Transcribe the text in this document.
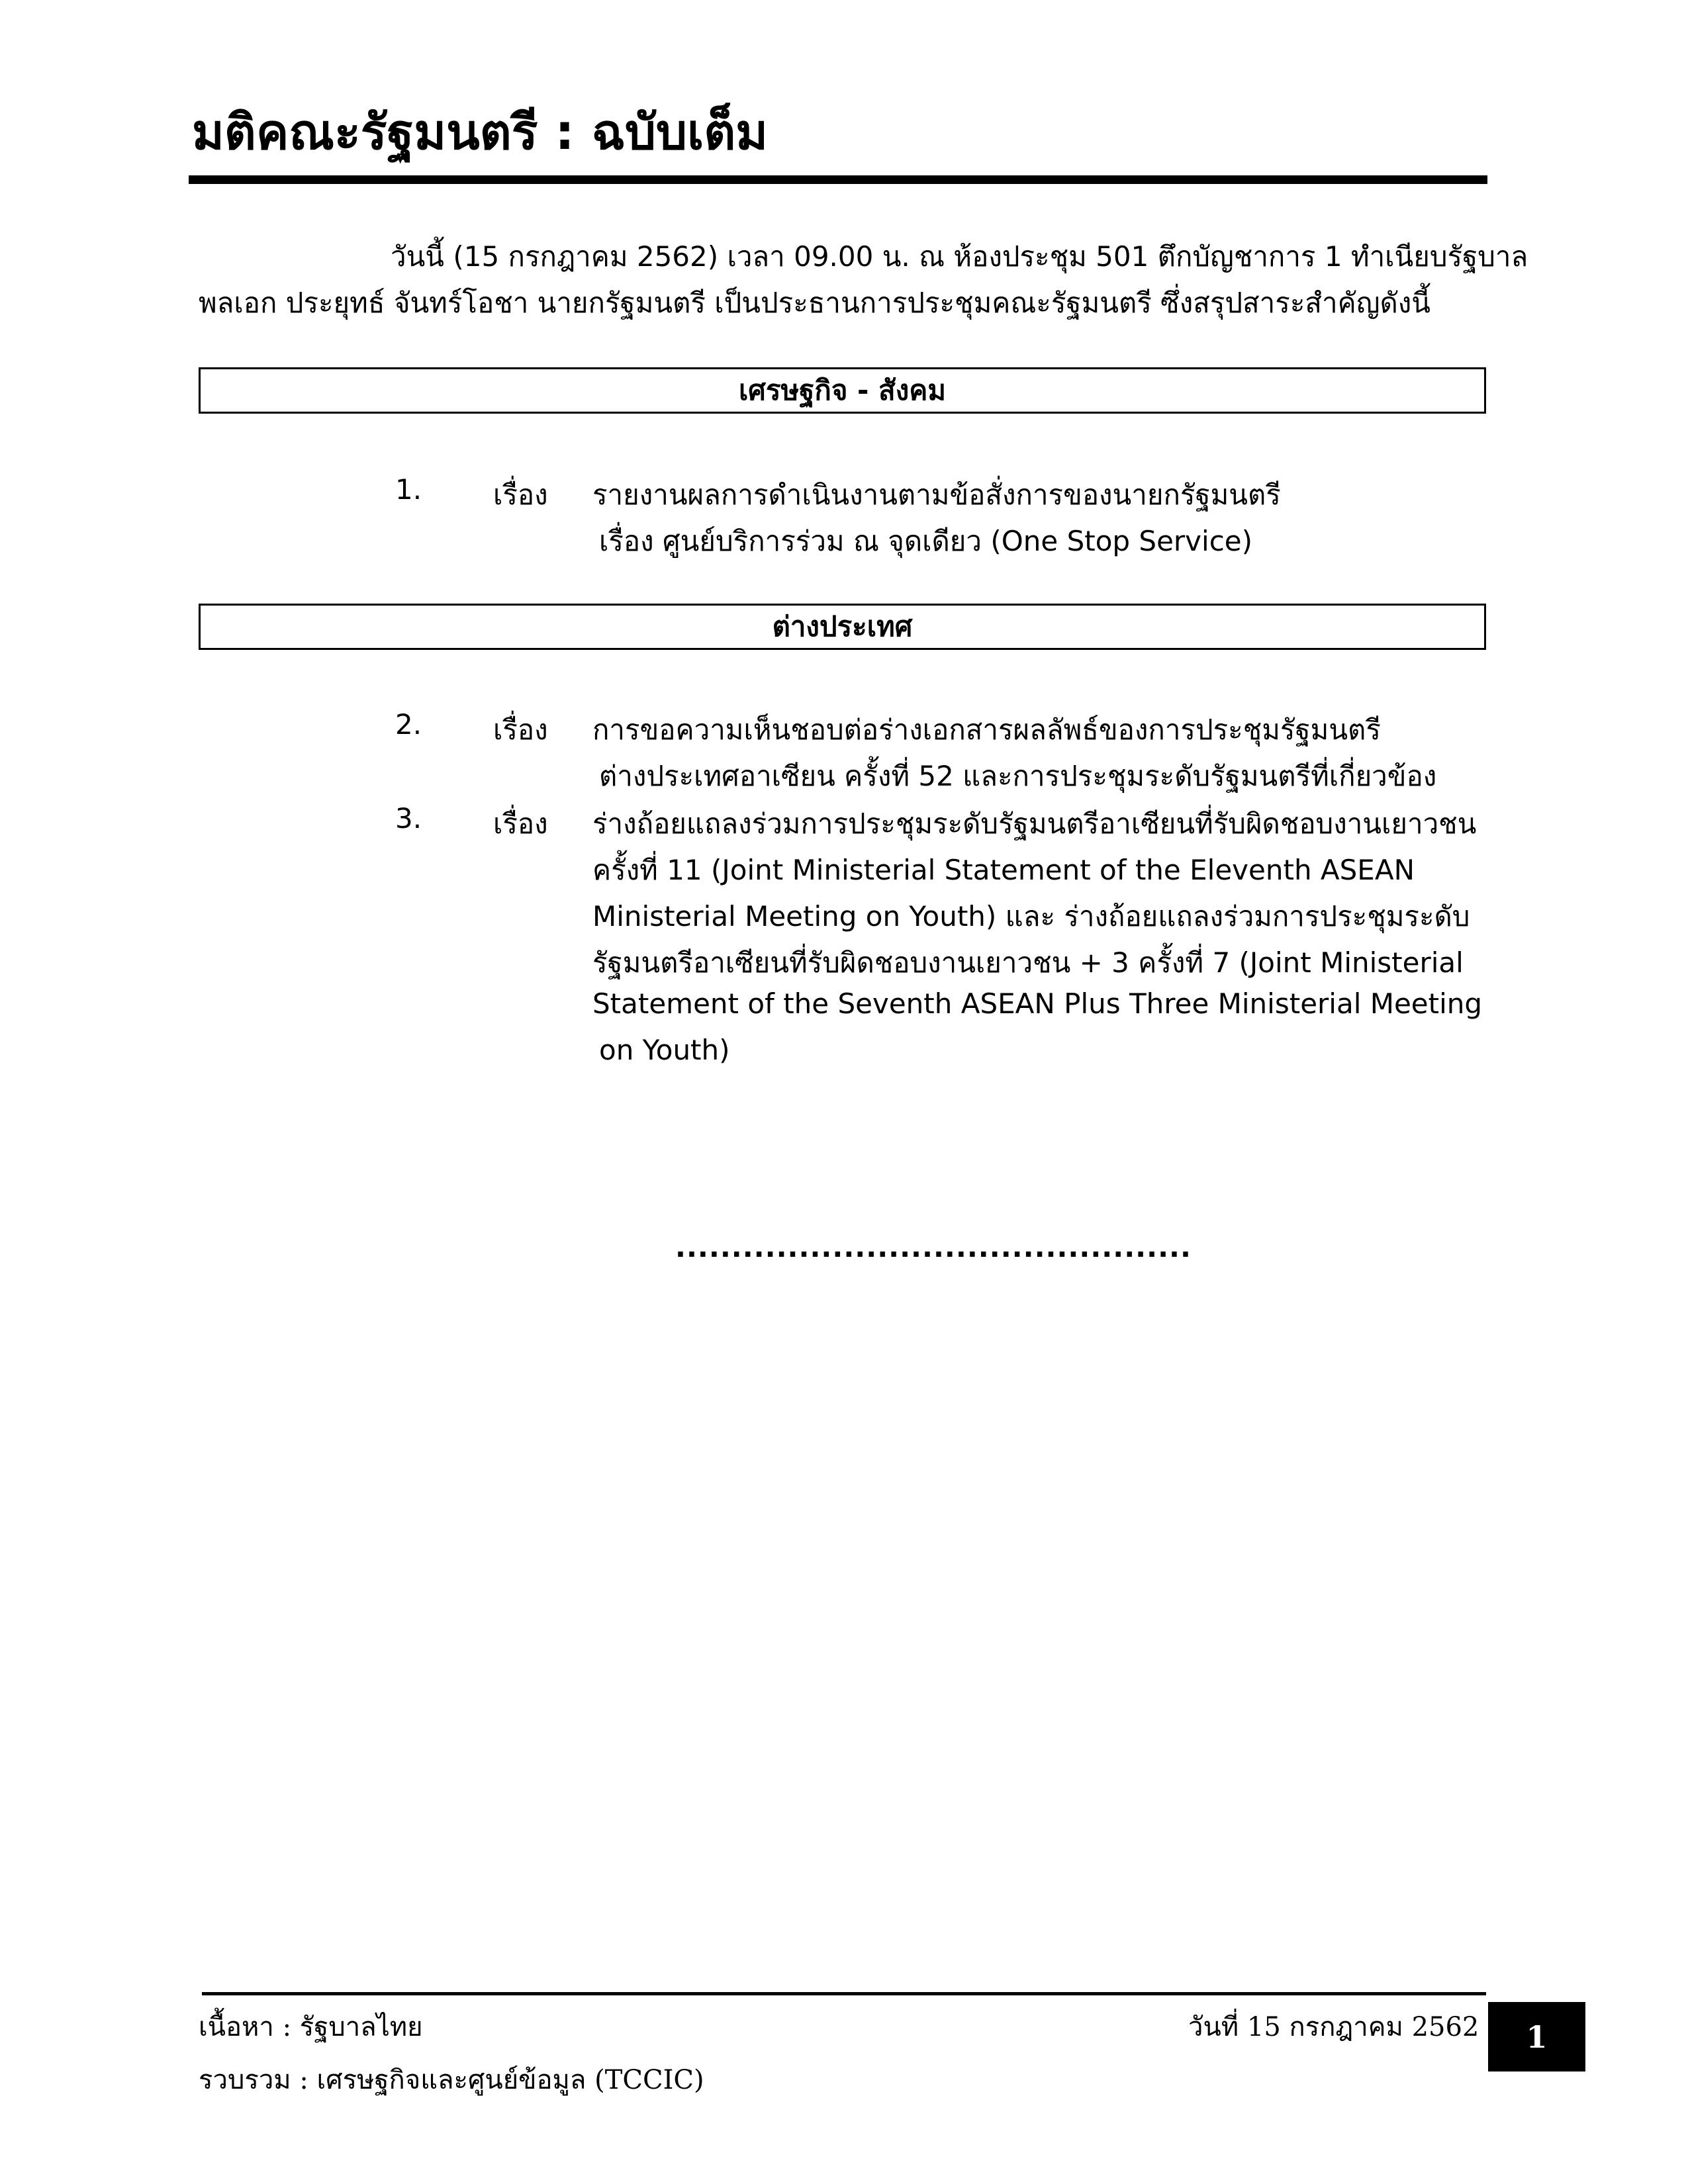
มติคณะรัฐมนตรี : ฉบับเต็ม
วันนี้ (15 กรกฎาคม 2562) เวลา 09.00 น. ณ ห้องประชุม 501 ตึกบัญชาการ 1 ทำเนียบรัฐบาล
พลเอก ประยุทธ์ จันทร์โอชา นายกรัฐมนตรี เป็นประธานการประชุมคณะรัฐมนตรี ซึ่งสรุปสาระสำคัญดังนี้
เศรษฐกิจ - สังคม
1.	เรื่อง รายงานผลการดำเนินงานตามข้อสั่งการของนายกรัฐมนตรี
เรื่อง ศูนย์บริการร่วม ณ จุดเดียว (One Stop Service)
ต่างประเทศ
2.	เรื่อง การขอความเห็นชอบต่อร่างเอกสารผลลัพธ์ของการประชุมรัฐมนตรี
ต่างประเทศอาเซียน ครั้งที่ 52 และการประชุมระดับรัฐมนตรีที่เกี่ยวข้อง
3.	เรื่อง ร่างถ้อยแถลงร่วมการประชุมระดับรัฐมนตรีอาเซียนที่รับผิดชอบงานเยาวชน
ครั้งที่ 11 (Joint Ministerial Statement of the Eleventh ASEAN
Ministerial Meeting on Youth) และ ร่างถ้อยแถลงร่วมการประชุมระดับ
รัฐมนตรีอาเซียนที่รับผิดชอบงานเยาวชน + 3 ครั้งที่ 7 (Joint Ministerial
Statement of the Seventh ASEAN Plus Three Ministerial Meeting
on Youth)
..............................................
เนื้อหา : รัฐบาลไทย	วันที่ 15 กรกฎาคม 2562
รวบรวม : เศรษฐกิจและศูนย์ข้อมูล (TCCIC)
1
